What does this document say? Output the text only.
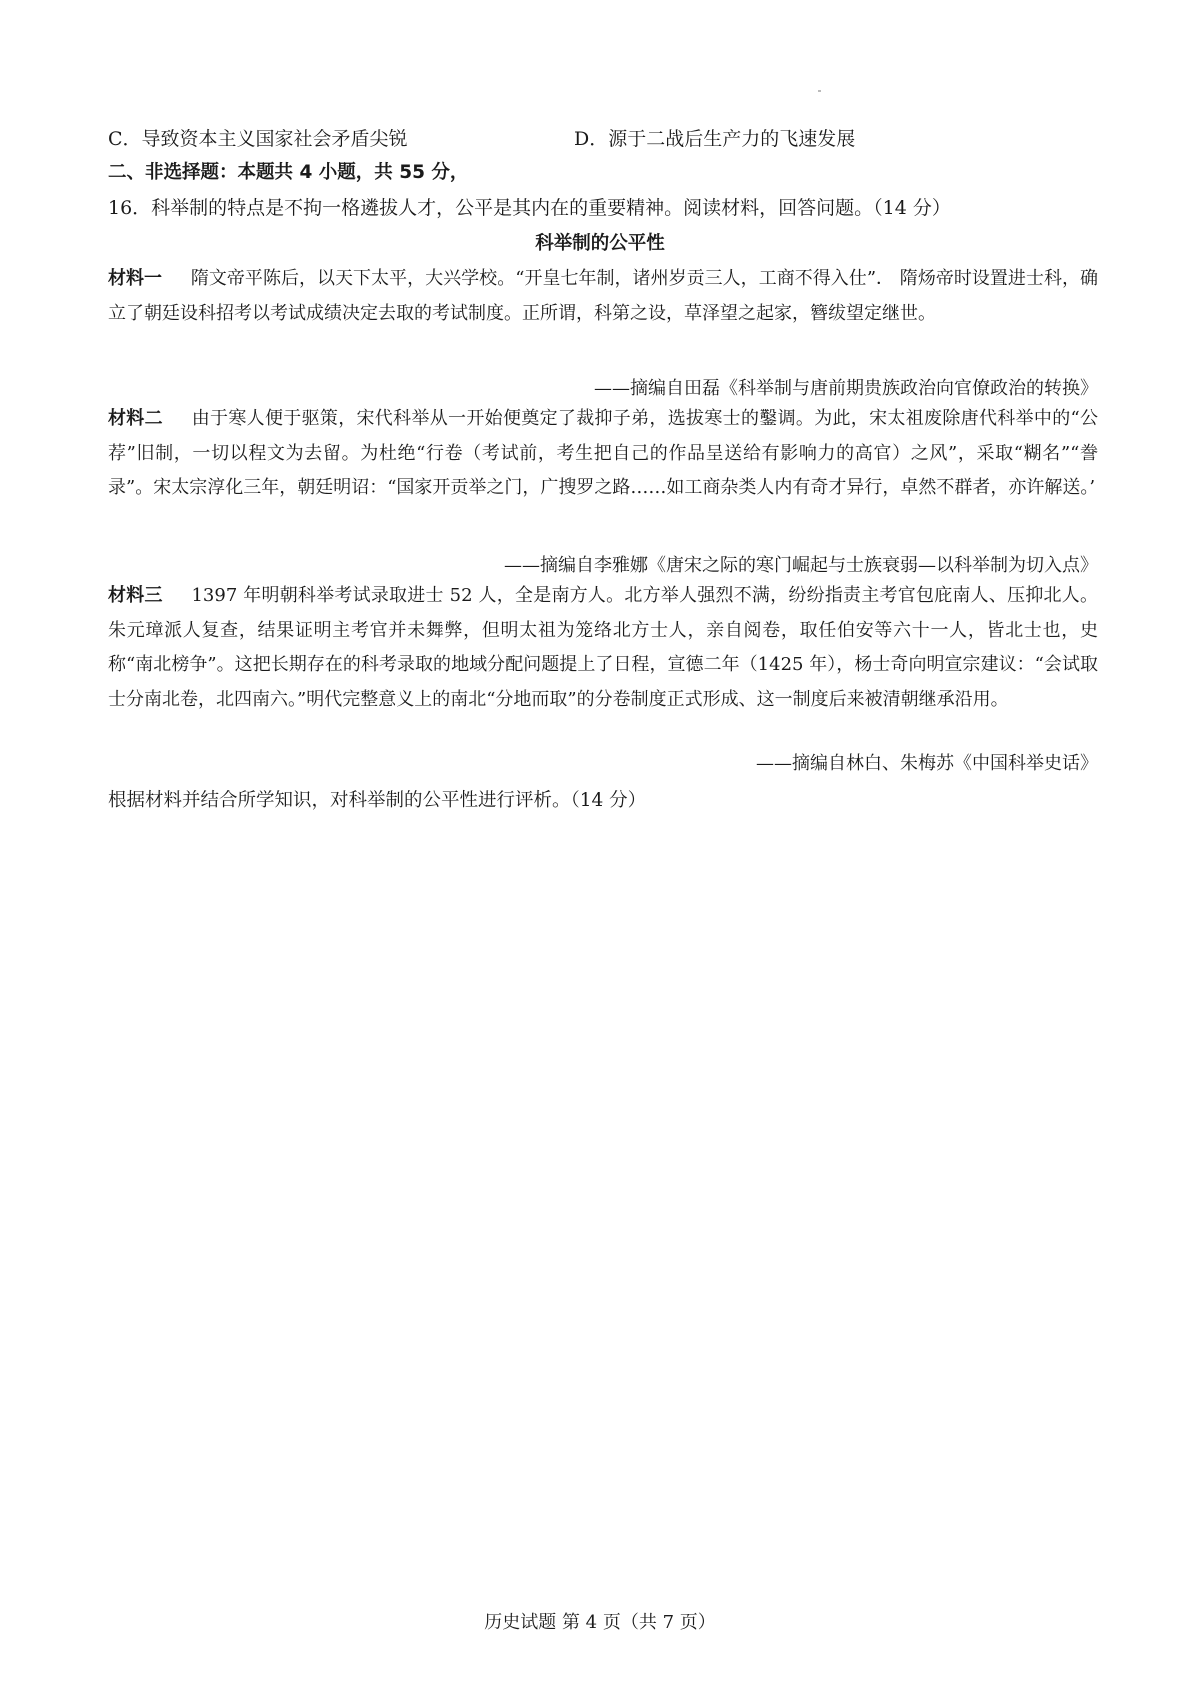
C．导致资本主义国家社会矛盾尖锐	D．源于二战后生产力的飞速发展
二、非选择题：本题共 4 小题，共 55 分，
16．科举制的特点是不拘一格遴拔人才，公平是其内在的重要精神。阅读材料，回答问题。（14 分）
科举制的公平性
材料一 隋文帝平陈后，以天下太平，大兴学校。“开皇七年制，诸州岁贡三人，工商不得入仕”． 隋炀帝时设置进士科，确立了朝廷设科招考以考试成绩决定去取的考试制度。正所谓，科第之设，草泽望之起家，簪绂望定继世。
——摘编自田磊《科举制与唐前期贵族政治向官僚政治的转换》
材料二 由于寒人便于驱策，宋代科举从一开始便奠定了裁抑子弟，选拔寒士的鑿调。为此，宋太祖废除唐代科举中的“公荐”旧制，一切以程文为去留。为杜绝“行卷（考试前，考生把自己的作品呈送给有影响力的高官）之风”，采取“糊名”“誊录”。宋太宗淳化三年，朝廷明诏：“国家开贡举之门，广搜罗之路……如工商杂类人内有奇才异行，卓然不群者，亦许解送。’
——摘编自李雅娜《唐宋之际的寒门崛起与士族衰弱—以科举制为切入点》
材料三 1397 年明朝科举考试录取进士 52 人，全是南方人。北方举人强烈不满，纷纷指责主考官包庇南人、压抑北人。朱元璋派人复查，结果证明主考官并未舞弊，但明太祖为笼络北方士人，亲自阅卷，取任伯安等六十一人，皆北士也，史称“南北榜争”。这把长期存在的科考录取的地域分配问题提上了日程，宣德二年（1425 年），杨士奇向明宣宗建议：“会试取士分南北卷，北四南六。”明代完整意义上的南北“分地而取”的分卷制度正式形成、这一制度后来被清朝继承沿用。
——摘编自林白、朱梅苏《中国科举史话》
根据材料并结合所学知识，对科举制的公平性进行评析。（14 分）
历史试题 第 4 页（共 7 页）
